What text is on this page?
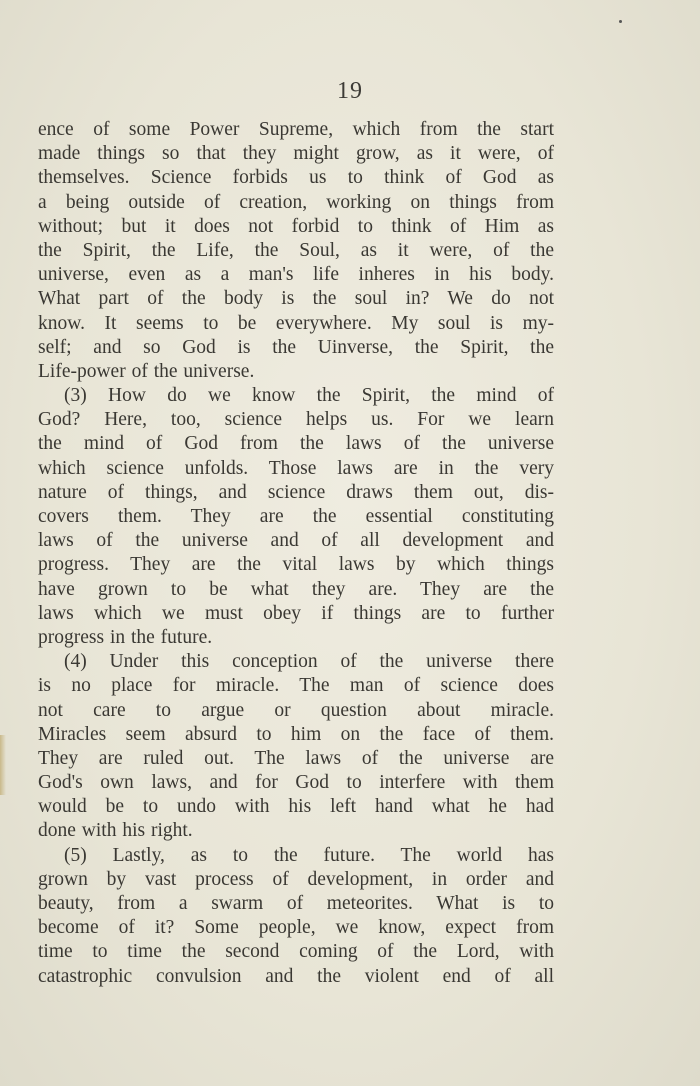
19
ence of some Power Supreme, which from the start
made things so that they might grow, as it were, of
themselves. Science forbids us to think of God as
a being outside of creation, working on things from
without; but it does not forbid to think of Him as
the Spirit, the Life, the Soul, as it were, of the
universe, even as a man's life inheres in his body.
What part of the body is the soul in? We do not
know. It seems to be everywhere. My soul is my-
self; and so God is the Uinverse, the Spirit, the
Life-power of the universe.
(3) How do we know the Spirit, the mind of
God? Here, too, science helps us. For we learn
the mind of God from the laws of the universe
which science unfolds. Those laws are in the very
nature of things, and science draws them out, dis-
covers them. They are the essential constituting
laws of the universe and of all development and
progress. They are the vital laws by which things
have grown to be what they are. They are the
laws which we must obey if things are to further
progress in the future.
(4) Under this conception of the universe there
is no place for miracle. The man of science does
not care to argue or question about miracle.
Miracles seem absurd to him on the face of them.
They are ruled out. The laws of the universe are
God's own laws, and for God to interfere with them
would be to undo with his left hand what he had
done with his right.
(5) Lastly, as to the future. The world has
grown by vast process of development, in order and
beauty, from a swarm of meteorites. What is to
become of it? Some people, we know, expect from
time to time the second coming of the Lord, with
catastrophic convulsion and the violent end of all
